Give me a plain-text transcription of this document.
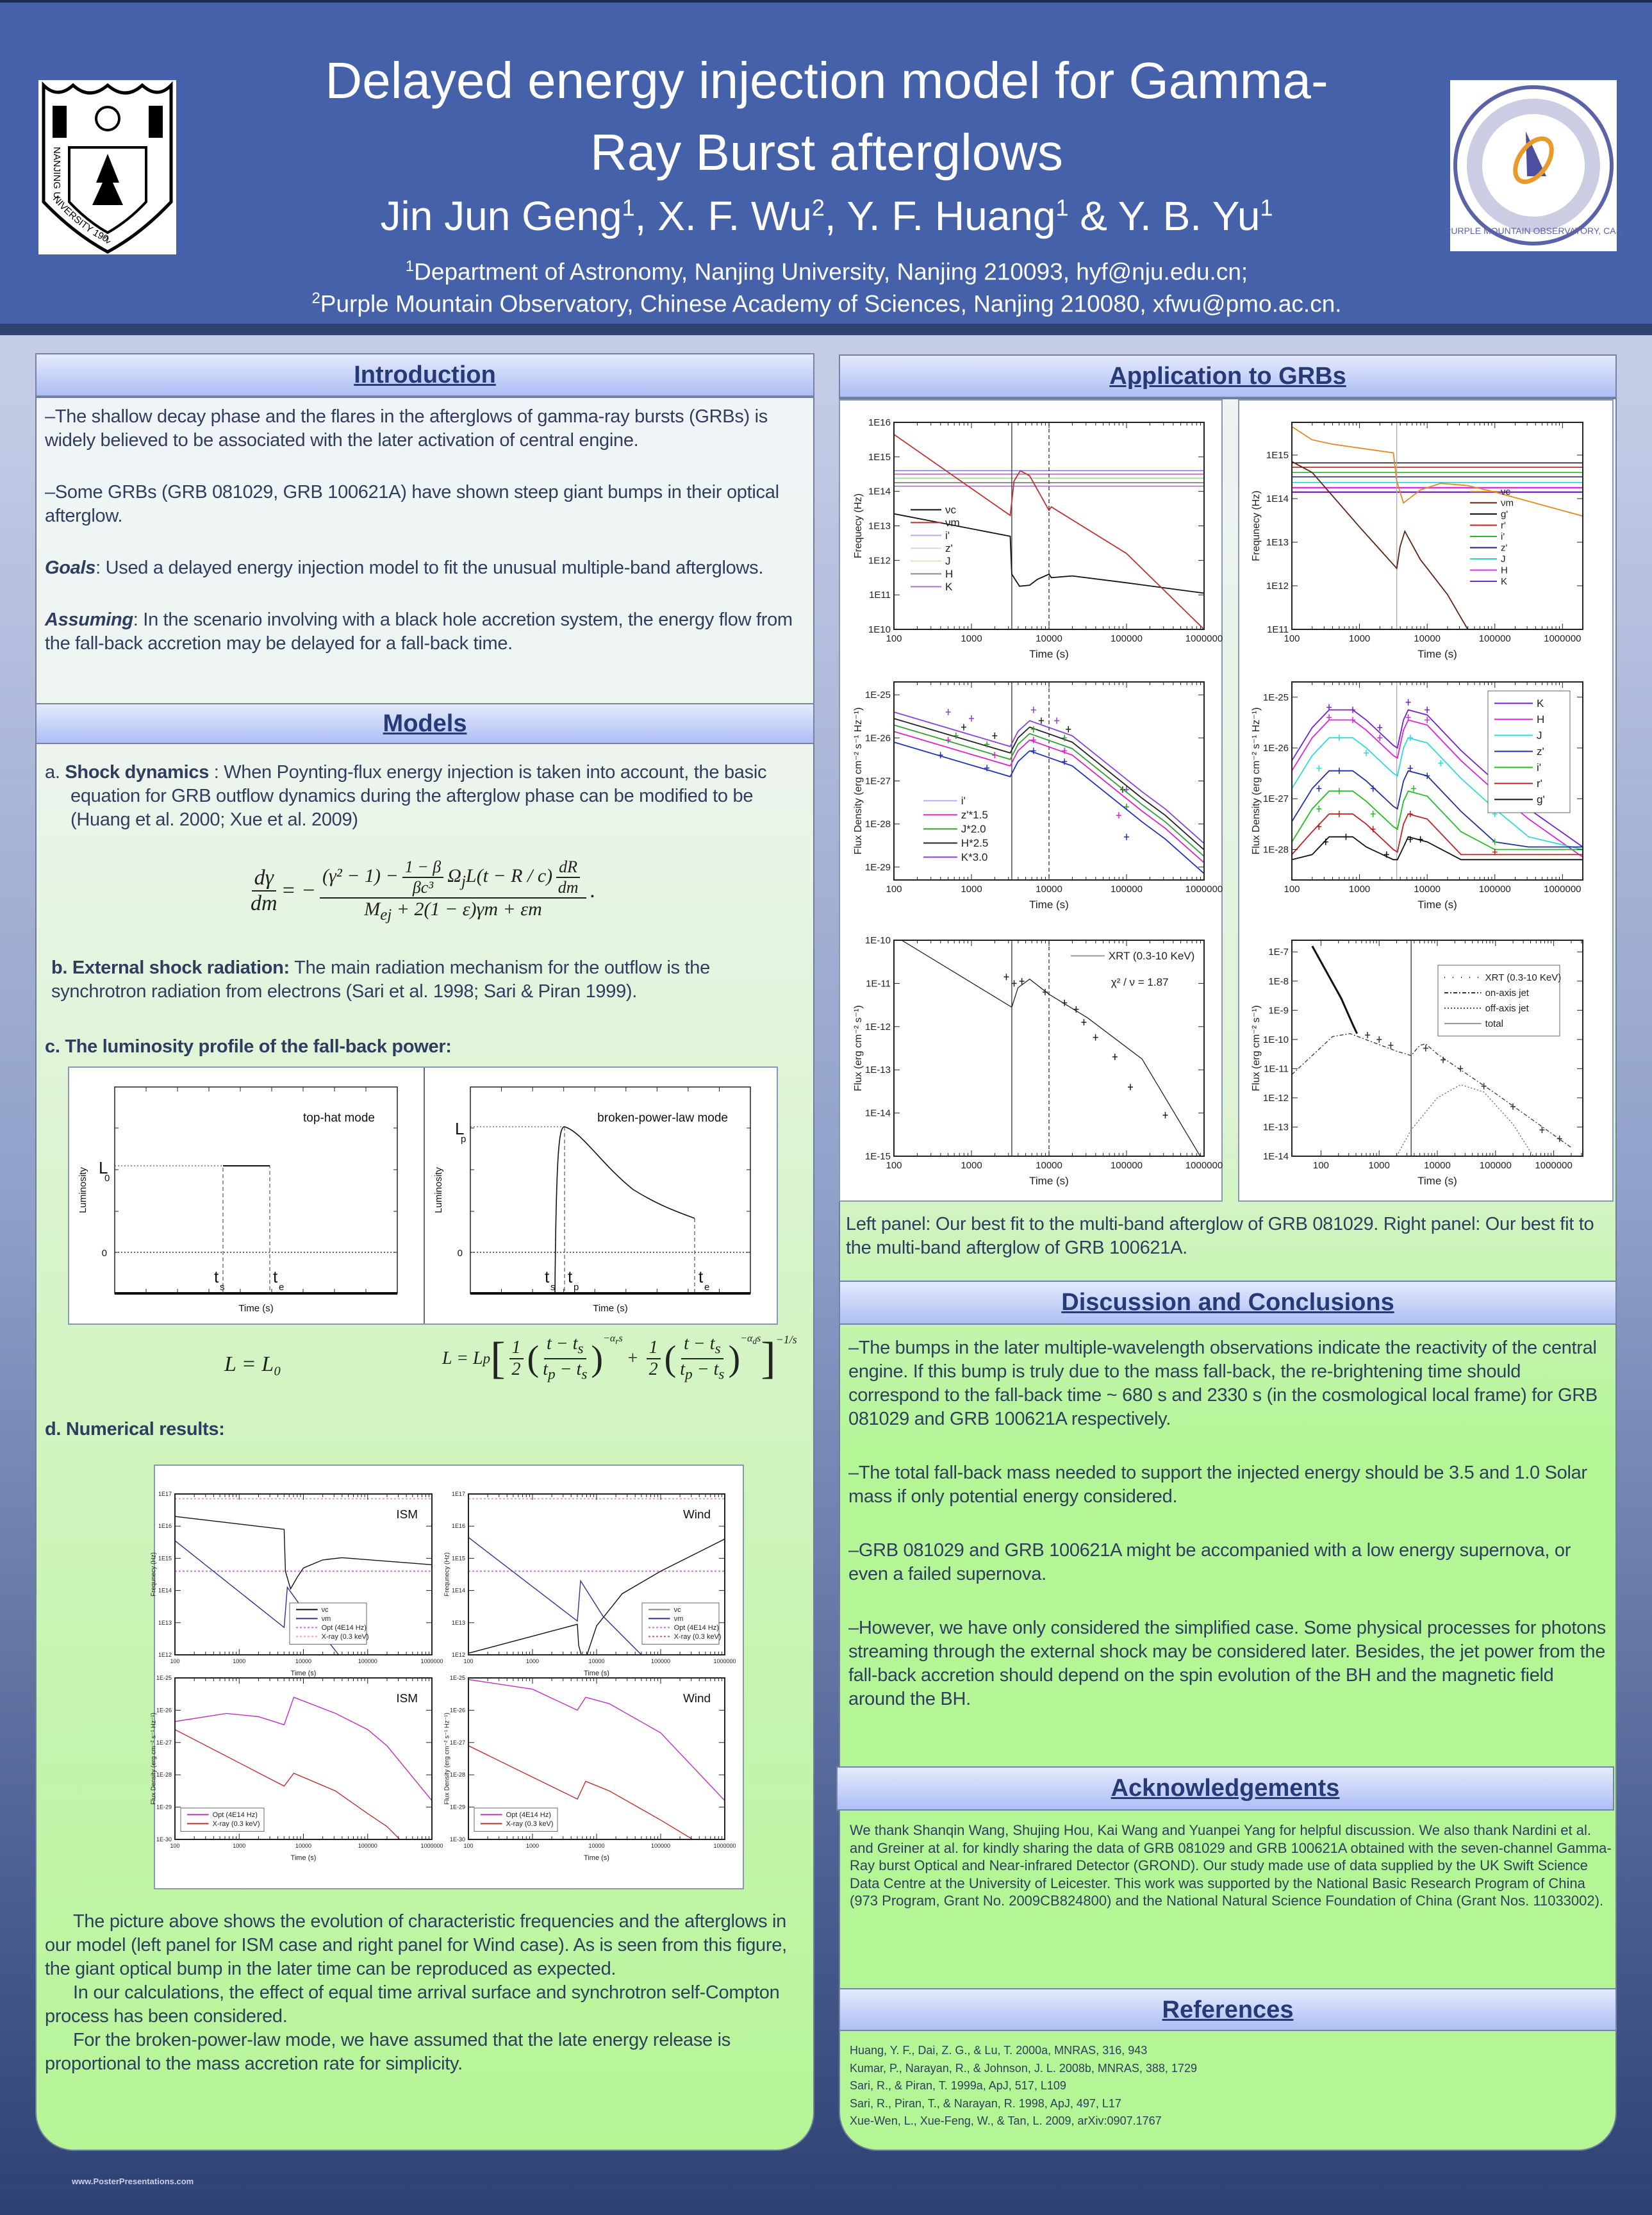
NANJING UNIVERSITY 1902
PURPLE MOUNTAIN OBSERVATORY, CAS
Delayed energy injection model for Gamma-
Ray Burst afterglows
Jin Jun Geng$^1$, X. F. Wu$^2$, Y. F. Huang$^1$ & Y. B. Yu$^1$
$^1$Department of Astronomy, Nanjing University, Nanjing 210093, hyf@nju.edu.cn;
$^2$Purple Mountain Observatory, Chinese Academy of Sciences, Nanjing 210080, xfwu@pmo.ac.cn.
Introduction

–The shallow decay phase and the flares in the afterglows of gamma-ray bursts (GRBs) is widely believed to be associated with the later activation of central engine.

–Some GRBs (GRB 081029, GRB 100621A) have shown steep giant bumps in their optical afterglow.

Goals: Used a delayed energy injection model to fit the unusual multiple-band afterglows.

Assuming: In the scenario involving with a black hole accretion system, the energy flow from the fall-back accretion may be delayed for a fall-back time.

Models
a. Shock dynamics : When Poynting-flux energy injection is taken into account, the basic equation for GRB outflow dynamics during the afterglow phase can be modified to be (Huang et al. 2000; Xue et al. 2009)
$\frac{d\gamma}{dm}$ = − $\frac{(\gamma^2 - 1) - \frac{1 - \beta}{\text{βc³}} \Omega_jL(t - R / c) \frac{dR}{dm}}{M_{ej} + 2(1 - \varepsilon)\gamma m + \varepsilon m}$ .
b. External shock radiation: The main radiation mechanism for the outflow is the synchrotron radiation from electrons (Sari et al. 1998; Sari & Piran 1999).
c. The luminosity profile of the fall-back power:
top-hat mode
Time (s)
Luminosity
0
L
0
t
s
t
e
broken-power-law mode
Time (s)
Luminosity
0
L
p
t
s
t
p
t
e
L = L₀	L = L p [ $\frac{1}{2}$ ( $\frac{t - t_s}{t_p - t_s}$ )
$^{-\alpha_rs}$
+ $\frac{1}{2}$ ( $\frac{t - t_s}{t_p - t_s}$ )
$^{-\alpha_ds}$ ]$^{-1/s}$
d. Numerical results:
100	1000	10000	100000	1000000
1E12
1E13
1E14
1E15
1E16
1E17
Time (s)
Frequnecy (Hz)
ISM
νc
νm
Opt (4E14 Hz)
X-ray (0.3 keV)
100	1000	10000	100000	1000000
1E12
1E13
1E14
1E15
1E16
1E17
Time (s)
Frequnecy (Hz)
Wind
νc
νm
Opt (4E14 Hz)
X-ray (0.3 keV)
100	1000	10000	100000	1000000
1E-30
1E-29
1E-28
1E-27
1E-26
1E-25
Time (s)
Flux Density (erg cm⁻² s⁻¹ Hz⁻¹)
ISM
Opt (4E14 Hz)
X-ray (0.3 keV)
100	1000	10000	100000	1000000
1E-30
1E-29
1E-28
1E-27
1E-26
1E-25
Time (s)
Flux Density (erg cm⁻² s⁻¹ Hz⁻¹)
Wind
Opt (4E14 Hz)
X-ray (0.3 keV)

The picture above shows the evolution of characteristic frequencies and the afterglows in our model (left panel for ISM case and right panel for Wind case). As is seen from this figure, the giant optical bump in the later time can be reproduced as expected.

In our calculations, the effect of equal time arrival surface and synchrotron self-Compton process has been considered.

For the broken-power-law mode, we have assumed that the late energy release is proportional to the mass accretion rate for simplicity.

www.PosterPresentations.com
Application to GRBs
100	1000	10000	100000	1000000
1E10
1E11
1E12
1E13
1E14
1E15
1E16
Time (s)
Frequecy (Hz)	νc
νm
i'
z'
J
H
K
100	1000	10000	100000	1000000
1E-29
1E-28
1E-27
1E-26
1E-25
Time (s)
Flux Density (erg cm⁻² s⁻¹ Hz⁻¹)	i'
z'*1.5
J*2.0
H*2.5
K*3.0
100	1000	10000	100000	1000000
1E-15
1E-14
1E-13
1E-12
1E-11
1E-10
Time (s)
Flux (erg cm⁻² s⁻¹)
XRT (0.3-10 KeV)
χ² / ν = 1.87
100	1000	10000	100000	1000000
1E11
1E12
1E13
1E14
1E15
Time (s)
Frequnecy (Hz)	νc
νm
g'
r'
i'
z'
J
H
K
100	1000	10000	100000	1000000
1E-28
1E-27
1E-26
1E-25
Time (s)
Flux Density (erg cm⁻² s⁻¹ Hz⁻¹)
K
H
J
z'
i'
r'
g'
100	1000	10000	100000 1000000
1E-14
1E-13
1E-12
1E-11
1E-10
1E-9
1E-8
1E-7
Time (s)
Flux (erg cm⁻² s⁻¹)
XRT (0.3-10 KeV)
on-axis jet
off-axis jet
total
Left panel: Our best fit to the multi-band afterglow of GRB 081029. Right panel: Our best fit to the multi-band afterglow of GRB 100621A.
Discussion and Conclusions

–The bumps in the later multiple-wavelength observations indicate the reactivity of the central engine. If this bump is truly due to the mass fall-back, the re-brightening time should correspond to the fall-back time ~ 680 s and 2330 s (in the cosmological local frame) for GRB 081029 and GRB 100621A respectively.

–The total fall-back mass needed to support the injected energy should be 3.5 and 1.0 Solar mass if only potential energy considered.

–GRB 081029 and GRB 100621A might be accompanied with a low energy supernova, or even a failed supernova.

–However, we have only considered the simplified case. Some physical processes for photons streaming through the external shock may be considered later. Besides, the jet power from the fall-back accretion should depend on the spin evolution of the BH and the magnetic field around the BH.

Acknowledgements
We thank Shanqin Wang, Shujing Hou, Kai Wang and Yuanpei Yang for helpful discussion. We also thank Nardini et al. and Greiner at al. for kindly sharing the data of GRB 081029 and GRB 100621A obtained with the seven-channel Gamma-Ray burst Optical and Near-infrared Detector (GROND). Our study made use of data supplied by the UK Swift Science Data Centre at the University of Leicester. This work was supported by the National Basic Research Program of China (973 Program, Grant No. 2009CB824800) and the National Natural Science Foundation of China (Grant Nos. 11033002).
References
Huang, Y. F., Dai, Z. G., & Lu, T. 2000a, MNRAS, 316, 943
Kumar, P., Narayan, R., & Johnson, J. L. 2008b, MNRAS, 388, 1729
Sari, R., & Piran, T. 1999a, ApJ, 517, L109
Sari, R., Piran, T., & Narayan, R. 1998, ApJ, 497, L17
Xue-Wen, L., Xue-Feng, W., & Tan, L. 2009, arXiv:0907.1767
